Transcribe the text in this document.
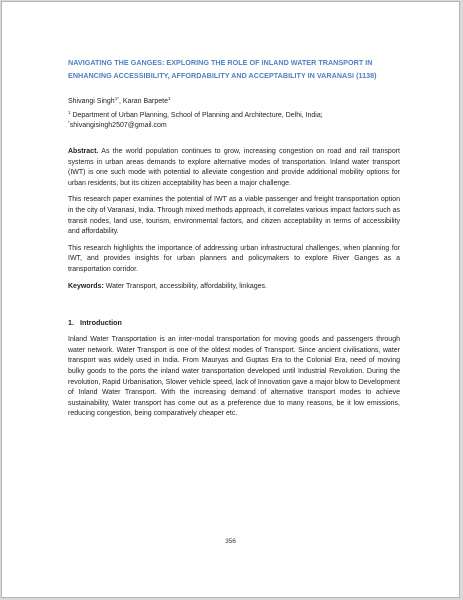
NAVIGATING THE GANGES: EXPLORING THE ROLE OF INLAND WATER TRANSPORT IN ENHANCING ACCESSIBILITY, AFFORDABILITY AND ACCEPTABILITY IN VARANASI (1138)

Shivangi Singh$^{1*}$, Karan Barpete$^1$

$^1$ Department of Urban Planning, School of Planning and Architecture, Delhi, India;
*shivangisingh2507@gmail.com

Abstract. As the world population continues to grow, increasing congestion on road and rail transport systems in urban areas demands to explore alternative modes of transportation. Inland water transport (IWT) is one such mode with potential to alleviate congestion and provide additional mobility options for urban residents, but its citizen acceptability has been a major challenge.

This research paper examines the potential of IWT as a viable passenger and freight transportation option in the city of Varanasi, India. Through mixed methods approach, it correlates various impact factors such as transit nodes, land use, tourism, environmental factors, and citizen acceptability in terms of accessibility and affordability.

This research highlights the importance of addressing urban infrastructural challenges, when planning for IWT, and provides insights for urban planners and policymakers to explore River Ganges as a transportation corridor.

Keywords: Water Transport, accessibility, affordability, linkages.

1. Introduction

Inland Water Transportation is an inter-modal transportation for moving goods and passengers through water network. Water Transport is one of the oldest modes of Transport. Since ancient civilisations, water transport was widely used in India. From Mauryas and Guptas Era to the Colonial Era, need of moving bulky goods to the ports the inland water transportation developed until Industrial Revolution. During the revolution, Rapid Urbanisation, Slower vehicle speed, lack of Innovation gave a major blow to Development of Inland Water Transport. With the increasing demand of alternative transport modes to achieve sustainability, Water transport has come out as a preference due to many reasons, be it low emissions, reducing congestion, being comparatively cheaper etc.

356
